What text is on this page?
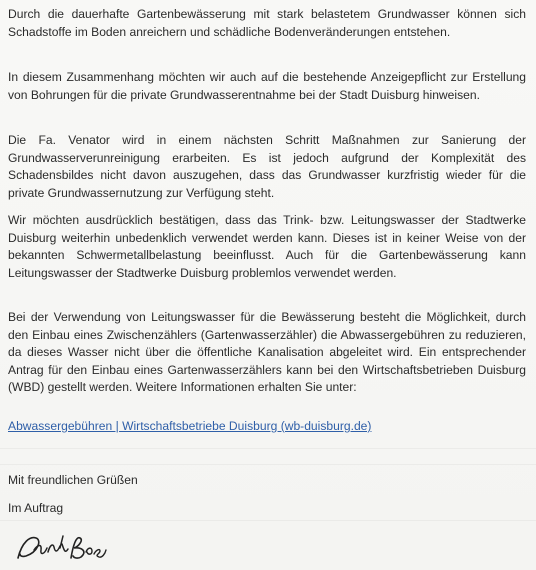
Durch die dauerhafte Gartenbewässerung mit stark belastetem Grundwasser können sich Schadstoffe im Boden anreichern und schädliche Bodenveränderungen entstehen.
In diesem Zusammenhang möchten wir auch auf die bestehende Anzeigepflicht zur Erstellung von Bohrungen für die private Grundwasserentnahme bei der Stadt Duisburg hinweisen.
Die Fa. Venator wird in einem nächsten Schritt Maßnahmen zur Sanierung der Grundwasserverunreinigung erarbeiten. Es ist jedoch aufgrund der Komplexität des Schadensbildes nicht davon auszugehen, dass das Grundwasser kurzfristig wieder für die private Grundwassernutzung zur Verfügung steht.
Wir möchten ausdrücklich bestätigen, dass das Trink- bzw. Leitungswasser der Stadtwerke Duisburg weiterhin unbedenklich verwendet werden kann. Dieses ist in keiner Weise von der bekannten Schwermetallbelastung beeinflusst. Auch für die Gartenbewässerung kann Leitungswasser der Stadtwerke Duisburg problemlos verwendet werden.
Bei der Verwendung von Leitungswasser für die Bewässerung besteht die Möglichkeit, durch den Einbau eines Zwischenzählers (Gartenwasserzähler) die Abwassergebühren zu reduzieren, da dieses Wasser nicht über die öffentliche Kanalisation abgeleitet wird. Ein entsprechender Antrag für den Einbau eines Gartenwasserzählers kann bei den Wirtschaftsbetrieben Duisburg (WBD) gestellt werden. Weitere Informationen erhalten Sie unter:
Abwassergebühren | Wirtschaftsbetriebe Duisburg (wb-duisburg.de)
Mit freundlichen Grüßen
Im Auftrag
